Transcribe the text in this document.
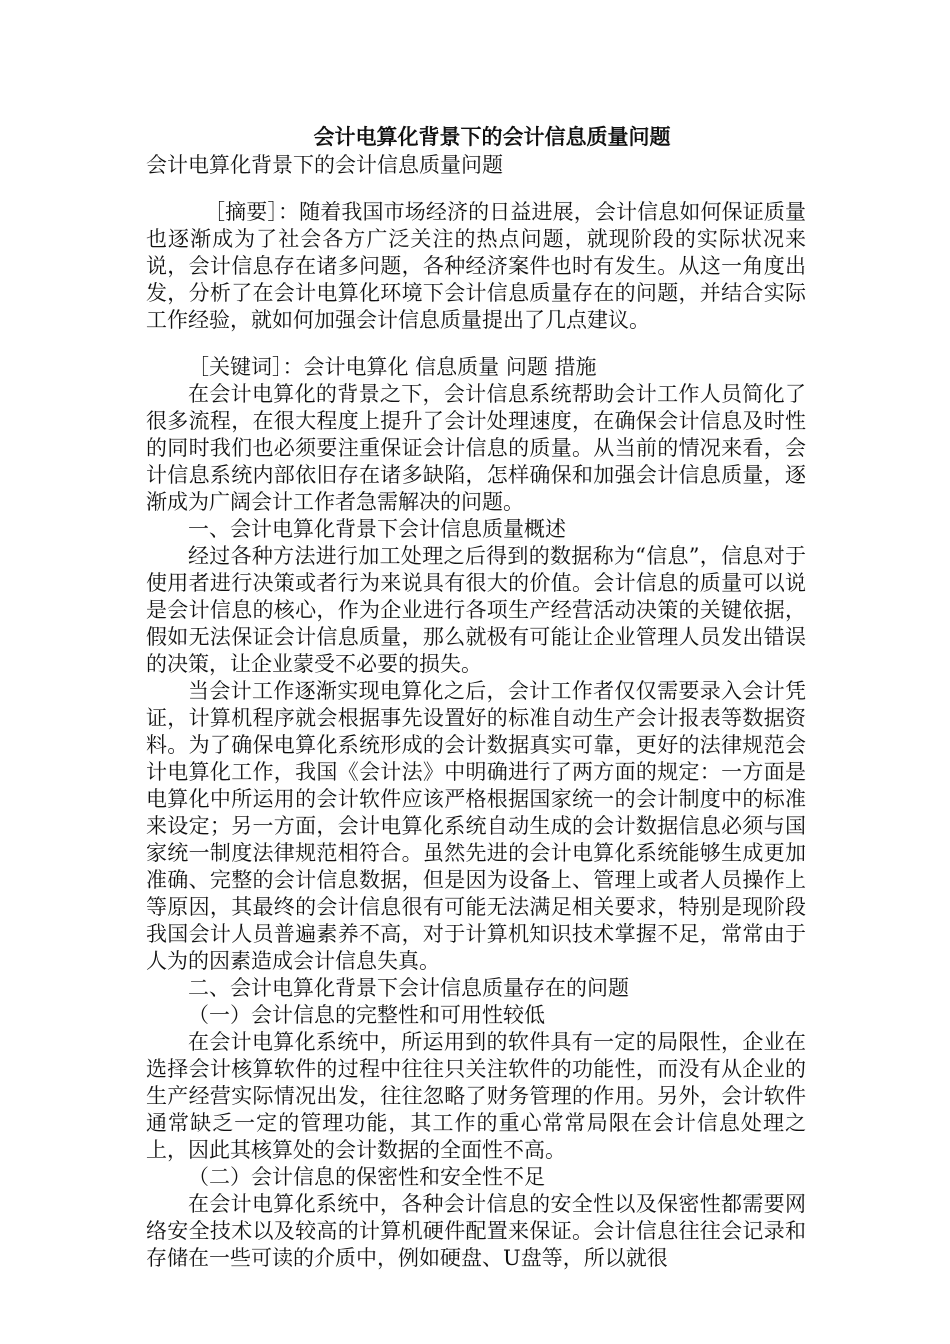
会计电算化背景下的会计信息质量问题
会计电算化背景下的会计信息质量问题

［摘要］：随着我国市场经济的日益进展，会计信息如何保证质量也逐渐成为了社会各方广泛关注的热点问题，就现阶段的实际状况来说，会计信息存在诸多问题，各种经济案件也时有发生。从这一角度出发，分析了在会计电算化环境下会计信息质量存在的问题，并结合实际工作经验，就如何加强会计信息质量提出了几点建议。

［关键词］：会计电算化 信息质量 问题 措施

在会计电算化的背景之下，会计信息系统帮助会计工作人员简化了很多流程，在很大程度上提升了会计处理速度，在确保会计信息及时性的同时我们也必须要注重保证会计信息的质量。从当前的情况来看，会计信息系统内部依旧存在诸多缺陷，怎样确保和加强会计信息质量，逐渐成为广阔会计工作者急需解决的问题。

一、会计电算化背景下会计信息质量概述

经过各种方法进行加工处理之后得到的数据称为“信息”，信息对于使用者进行决策或者行为来说具有很大的价值。会计信息的质量可以说是会计信息的核心，作为企业进行各项生产经营活动决策的关键依据，假如无法保证会计信息质量，那么就极有可能让企业管理人员发出错误的决策，让企业蒙受不必要的损失。

当会计工作逐渐实现电算化之后，会计工作者仅仅需要录入会计凭证，计算机程序就会根据事先设置好的标准自动生产会计报表等数据资料。为了确保电算化系统形成的会计数据真实可靠，更好的法律规范会计电算化工作，我国《会计法》中明确进行了两方面的规定：一方面是电算化中所运用的会计软件应该严格根据国家统一的会计制度中的标准来设定；另一方面，会计电算化系统自动生成的会计数据信息必须与国家统一制度法律规范相符合。虽然先进的会计电算化系统能够生成更加准确、完整的会计信息数据，但是因为设备上、管理上或者人员操作上等原因，其最终的会计信息很有可能无法满足相关要求，特别是现阶段我国会计人员普遍素养不高，对于计算机知识技术掌握不足，常常由于人为的因素造成会计信息失真。

二、会计电算化背景下会计信息质量存在的问题

（一）会计信息的完整性和可用性较低

在会计电算化系统中，所运用到的软件具有一定的局限性，企业在选择会计核算软件的过程中往往只关注软件的功能性，而没有从企业的生产经营实际情况出发，往往忽略了财务管理的作用。另外，会计软件通常缺乏一定的管理功能，其工作的重心常常局限在会计信息处理之上，因此其核算处的会计数据的全面性不高。

（二）会计信息的保密性和安全性不足

在会计电算化系统中，各种会计信息的安全性以及保密性都需要网络安全技术以及较高的计算机硬件配置来保证。会计信息往往会记录和存储在一些可读的介质中，例如硬盘、U盘等，所以就很
